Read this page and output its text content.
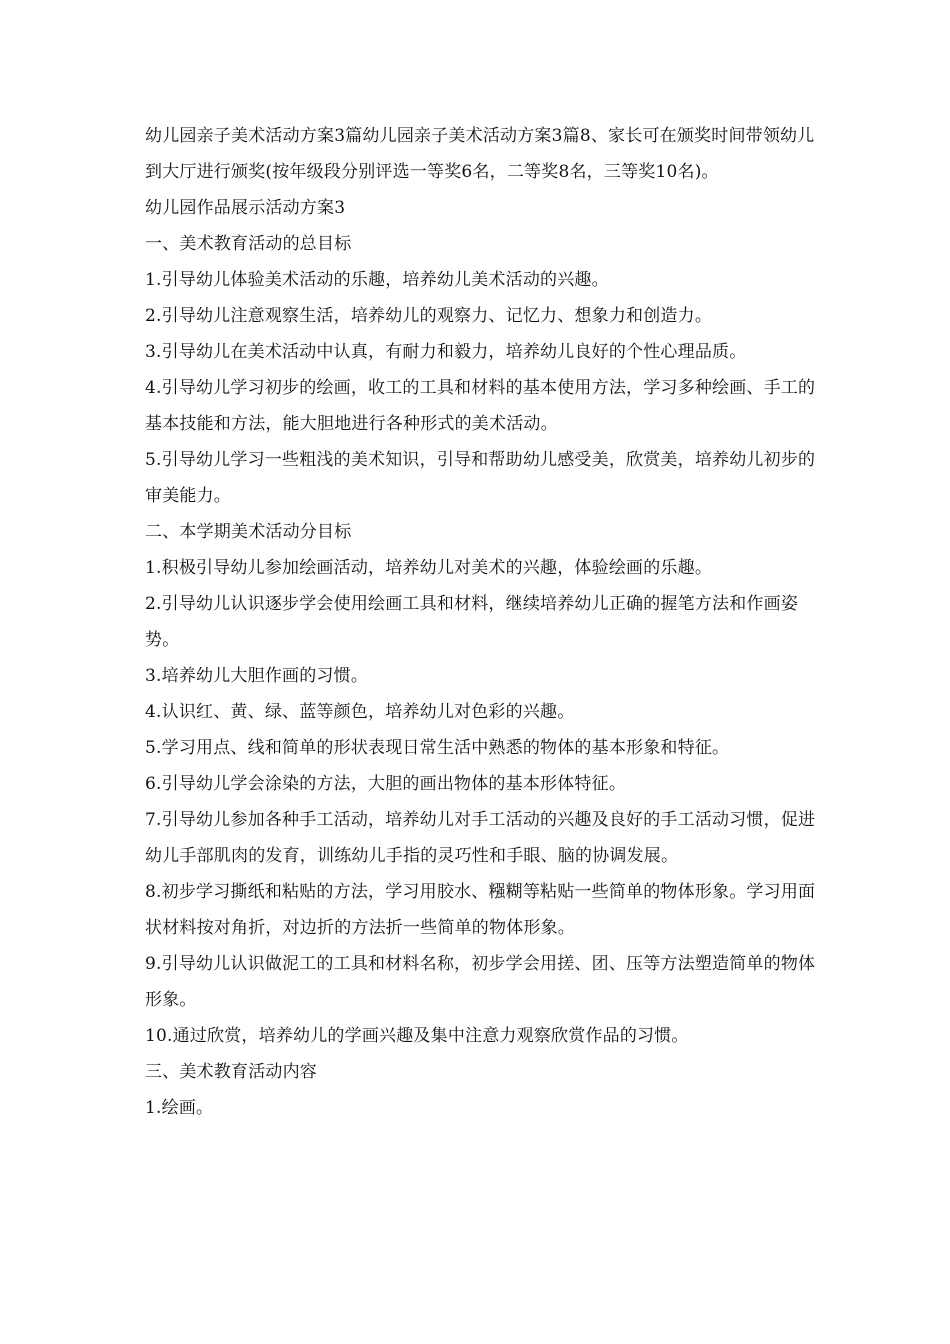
幼儿园亲子美术活动方案3篇幼儿园亲子美术活动方案3篇8、家长可在颁奖时间带领幼儿到大厅进行颁奖(按年级段分别评选一等奖6名，二等奖8名，三等奖10名)。

幼儿园作品展示活动方案3

一、美术教育活动的总目标

1.引导幼儿体验美术活动的乐趣，培养幼儿美术活动的兴趣。

2.引导幼儿注意观察生活，培养幼儿的观察力、记忆力、想象力和创造力。

3.引导幼儿在美术活动中认真，有耐力和毅力，培养幼儿良好的个性心理品质。

4.引导幼儿学习初步的绘画，收工的工具和材料的基本使用方法，学习多种绘画、手工的基本技能和方法，能大胆地进行各种形式的美术活动。

5.引导幼儿学习一些粗浅的美术知识，引导和帮助幼儿感受美，欣赏美，培养幼儿初步的审美能力。

二、本学期美术活动分目标

1.积极引导幼儿参加绘画活动，培养幼儿对美术的兴趣，体验绘画的乐趣。

2.引导幼儿认识逐步学会使用绘画工具和材料，继续培养幼儿正确的握笔方法和作画姿势。

3.培养幼儿大胆作画的习惯。

4.认识红、黄、绿、蓝等颜色，培养幼儿对色彩的兴趣。

5.学习用点、线和简单的形状表现日常生活中熟悉的物体的基本形象和特征。

6.引导幼儿学会涂染的方法，大胆的画出物体的基本形体特征。

7.引导幼儿参加各种手工活动，培养幼儿对手工活动的兴趣及良好的手工活动习惯，促进幼儿手部肌肉的发育，训练幼儿手指的灵巧性和手眼、脑的协调发展。

8.初步学习撕纸和粘贴的方法，学习用胶水、糨糊等粘贴一些简单的物体形象。学习用面状材料按对角折，对边折的方法折一些简单的物体形象。

9.引导幼儿认识做泥工的工具和材料名称，初步学会用搓、团、压等方法塑造简单的物体形象。

10.通过欣赏，培养幼儿的学画兴趣及集中注意力观察欣赏作品的习惯。

三、美术教育活动内容

1.绘画。
